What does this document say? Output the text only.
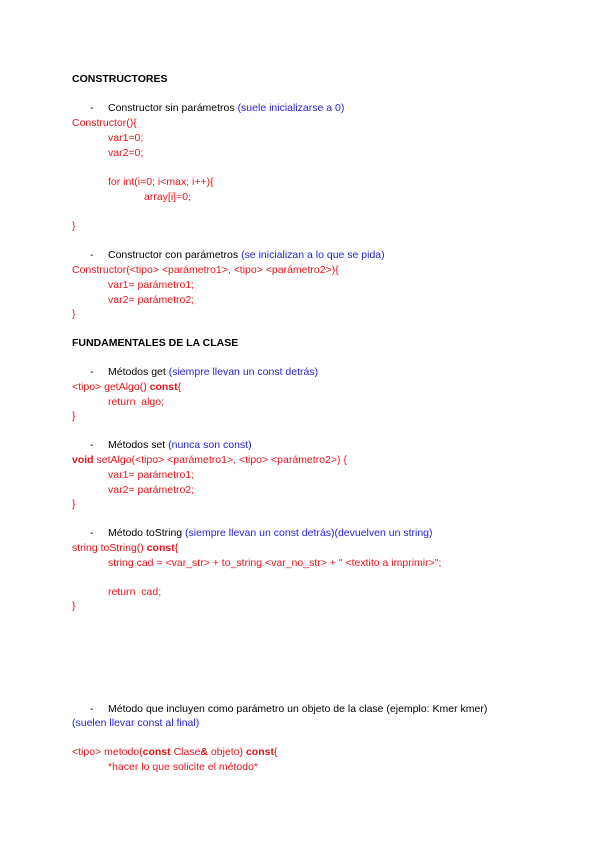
CONSTRUCTORES
- Constructor sin parámetros (suele inicializarse a 0)
Constructor(){
var1=0;
var2=0;
for int(i=0; i<max; i++){
array[i]=0;
}
- Constructor con parámetros (se inicializan a lo que se pida)
Constructor(<tipo> <parámetro1>, <tipo> <parámetro2>){
var1= parámetro1;
var2= parámetro2;
}
FUNDAMENTALES DE LA CLASE
- Métodos get (siempre llevan un const detrás)
<tipo> getAlgo() const{
return  algo;
}
- Métodos set (nunca son const)
void setAlgo(<tipo> <parámetro1>, <tipo> <parámetro2>) {
var1= parámetro1;
var2= parámetro2;
}
- Método toString (siempre llevan un const detrás)(devuelven un string)
string toString() const{
string cad = <var_str> + to_string <var_no_str> + " <textito a imprimir>";
return  cad;
}
- Método que incluyen como parámetro un objeto de la clase (ejemplo: Kmer kmer)
(suelen llevar const al final)
<tipo> metodo(const Clase& objeto) const{
*hacer lo que solicite el método*
